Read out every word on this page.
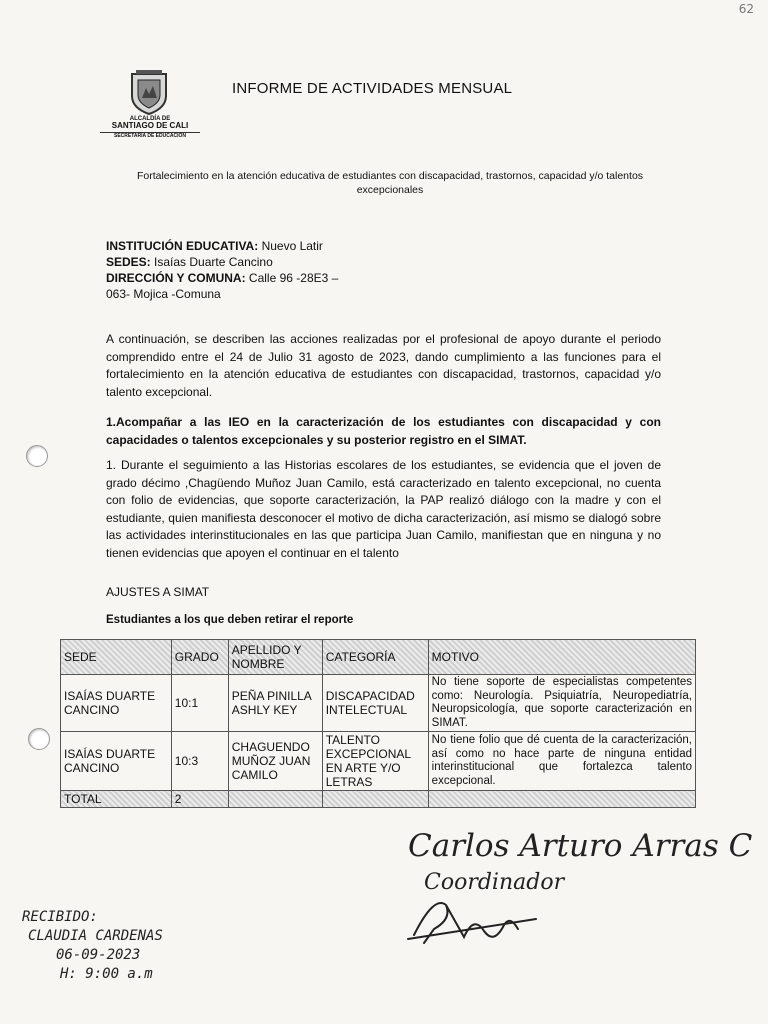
62
ALCALDÍA DE
SANTIAGO DE CALI
SECRETARÍA DE EDUCACIÓN
INFORME DE ACTIVIDADES MENSUAL
Fortalecimiento en la atención educativa de estudiantes con discapacidad, trastornos, capacidad y/o talentos excepcionales
INSTITUCIÓN EDUCATIVA: Nuevo Latir
SEDES: Isaías Duarte Cancino
DIRECCIÓN Y COMUNA: Calle 96 -28E3 –
063- Mojica -Comuna
A continuación, se describen las acciones realizadas por el profesional de apoyo durante el periodo comprendido entre el 24 de Julio 31 agosto de 2023, dando cumplimiento a las funciones para el fortalecimiento en la atención educativa de estudiantes con discapacidad, trastornos, capacidad y/o talento excepcional.
1.Acompañar a las IEO en la caracterización de los estudiantes con discapacidad y con capacidades o talentos excepcionales y su posterior registro en el SIMAT.
1. Durante el seguimiento a las Historias escolares de los estudiantes, se evidencia que el joven de grado décimo ,Chagüendo Muñoz Juan Camilo, está caracterizado en talento excepcional, no cuenta con folio de evidencias, que soporte caracterización, la PAP realizó diálogo con la madre y con el estudiante, quien manifiesta desconocer el motivo de dicha caracterización, así mismo se dialogó sobre las actividades interinstitucionales en las que participa Juan Camilo, manifiestan que en ninguna y no tienen evidencias que apoyen el continuar en el talento
AJUSTES A SIMAT
Estudiantes a los que deben retirar el reporte
SEDE	GRADO	APELLIDO Y NOMBRE	CATEGORÍA	MOTIVO
ISAÍAS DUARTE CANCINO	10:1	PEÑA PINILLA ASHLY KEY	DISCAPACIDAD INTELECTUAL	No tiene soporte de especialistas competentes como: Neurología. Psiquiatría, Neuropediatría, Neuropsicología, que soporte caracterización en SIMAT.
ISAÍAS DUARTE CANCINO	10:3	CHAGUENDO MUÑOZ JUAN CAMILO	TALENTO EXCEPCIONAL EN ARTE Y/O LETRAS	No tiene folio que dé cuenta de la caracterización, así como no hace parte de ninguna entidad interinstitucional que fortalezca talento excepcional.
TOTAL	2			
Carlos Arturo Arras C
Coordinador
RECIBIDO:
CLAUDIA CARDENAS
06-09-2023
H: 9:00 a.m
